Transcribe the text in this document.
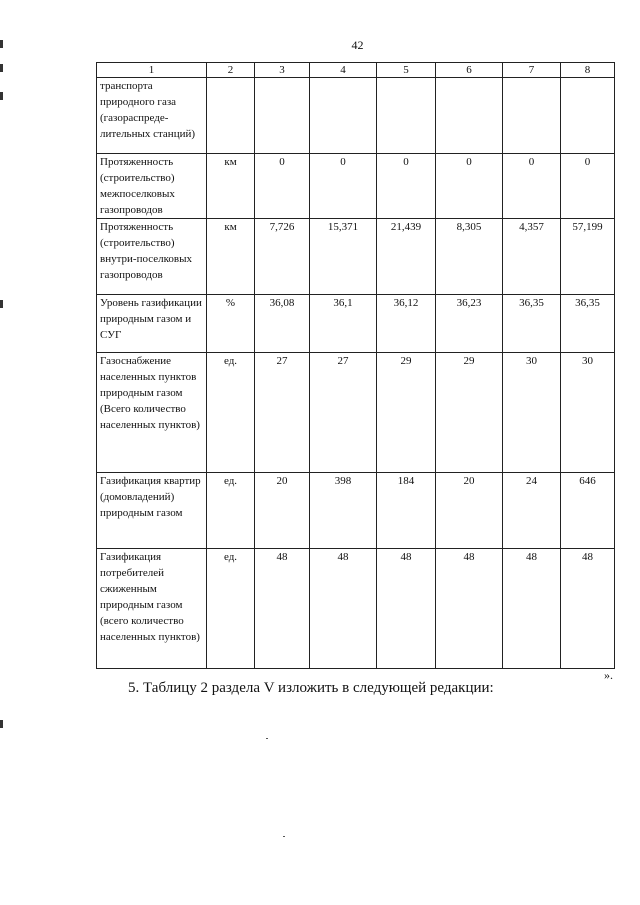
42
1	2	3	4	5	6	7	8
транспорта природного газа (газораспреде-лительных станций)							
Протяженность (строительство) межпоселковых газопроводов	км	0	0	0	0	0	0
Протяженность (строительство) внутри-поселковых газопроводов	км	7,726	15,371	21,439	8,305	4,357	57,199
Уровень газификации природным газом и СУГ	%	36,08	36,1	36,12	36,23	36,35	36,35
Газоснабжение населенных пунктов природным газом (Всего количество населенных пунктов)	ед.	27	27	29	29	30	30
Газификация квартир (домовладений) природным газом	ед.	20	398	184	20	24	646
Газификация потребителей сжиженным природным газом (всего количество населенных пунктов)	ед.	48	48	48	48	48	48
».
5. Таблицу 2 раздела V изложить в следующей редакции:
